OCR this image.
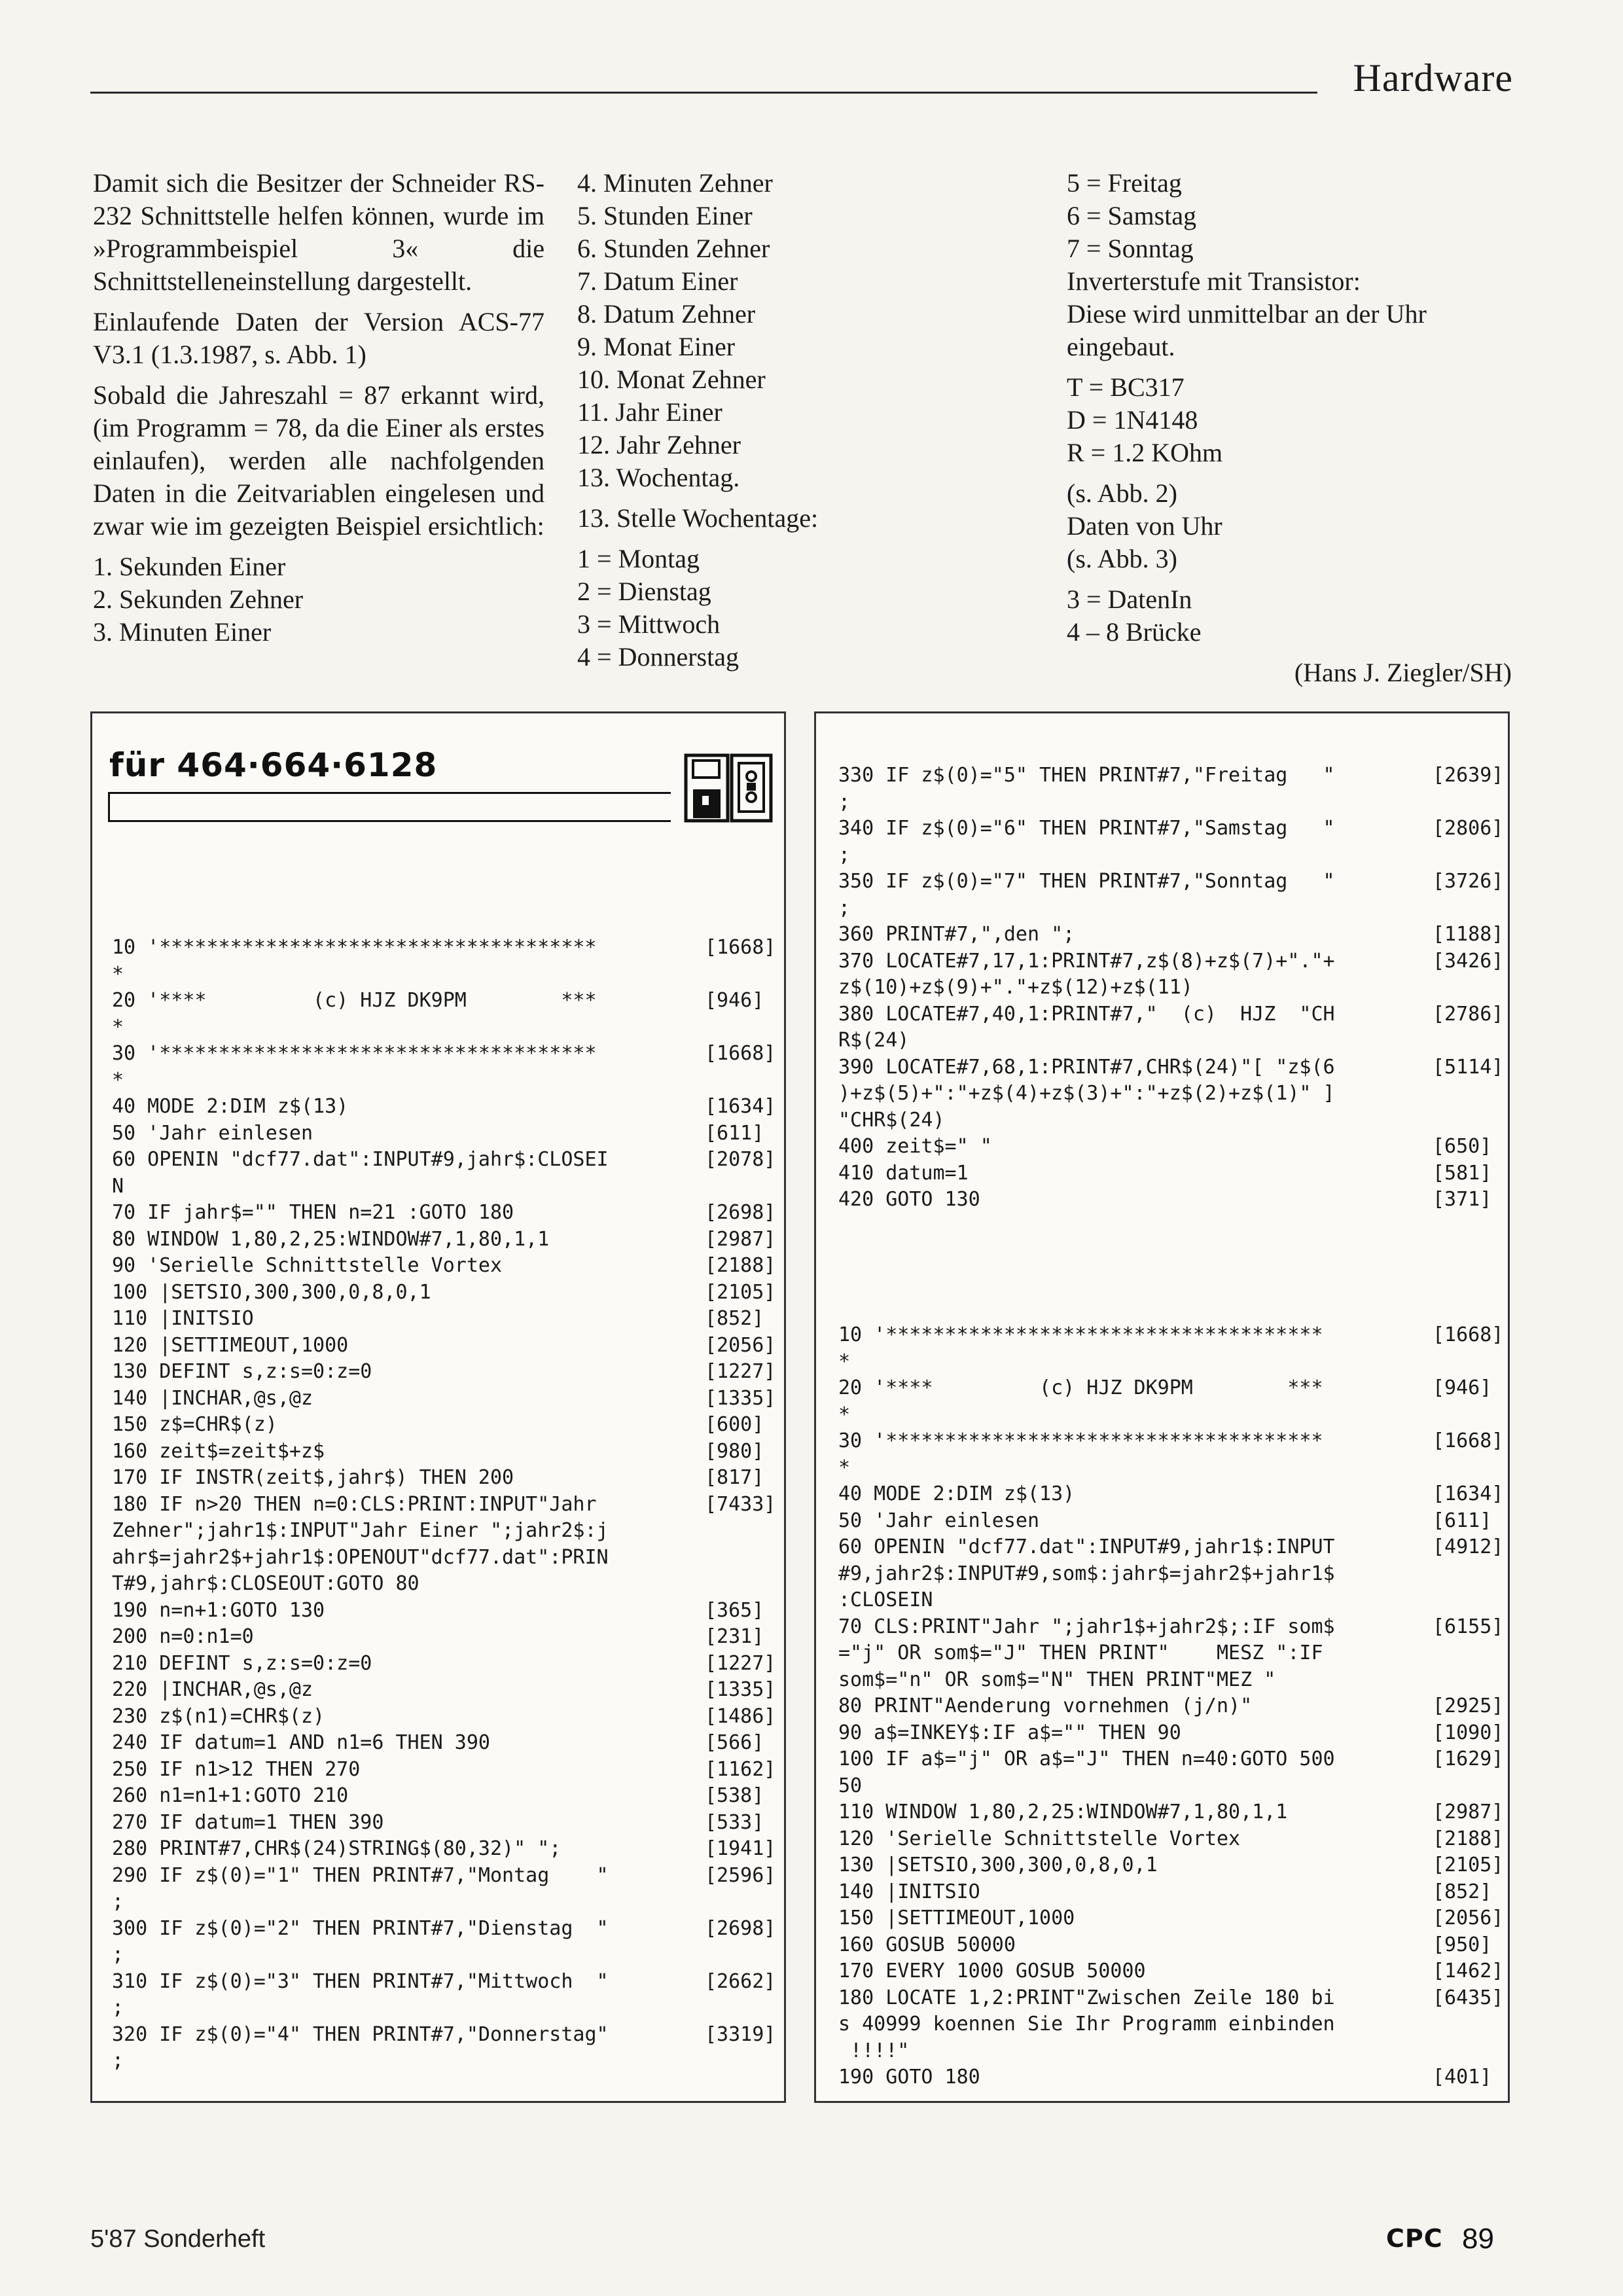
Hardware

Damit sich die Besitzer der Schneider RS-232 Schnittstelle helfen können, wurde im »Programmbeispiel 3« die Schnittstelleneinstellung dargestellt.

Einlaufende Daten der Version ACS-77 V3.1 (1.3.1987, s. Abb. 1)

Sobald die Jahreszahl = 87 erkannt wird, (im Programm = 78, da die Einer als erstes einlaufen), werden alle nachfolgenden Daten in die Zeitvariablen eingelesen und zwar wie im gezeigten Beispiel ersichtlich:

1. Sekunden Einer
2. Sekunden Zehner
3. Minuten Einer
4. Minuten Zehner
5. Stunden Einer
6. Stunden Zehner
7. Datum Einer
8. Datum Zehner
9. Monat Einer
10. Monat Zehner
11. Jahr Einer
12. Jahr Zehner

13. Wochentag.

13. Stelle Wochentage:

1 = Montag
2 = Dienstag
3 = Mittwoch
4 = Donnerstag
5 = Freitag
6 = Samstag
7 = Sonntag
Inverterstufe mit Transistor:

Diese wird unmittelbar an der Uhr eingebaut.

T = BC317
D = 1N4148

R = 1.2 KOhm

(s. Abb. 2)
Daten von Uhr

(s. Abb. 3)

3 = DatenIn
4 – 8 Brücke

(Hans J. Ziegler/SH)

für 464·664·6128
10 '*************************************	[1668]
*
20 '****         (c) HJZ DK9PM        ***	[946]
*
30 '*************************************	[1668]
*
40 MODE 2:DIM z$(13)	[1634]
50 'Jahr einlesen	[611]
60 OPENIN "dcf77.dat":INPUT#9,jahr$:CLOSEI	[2078]
N
70 IF jahr$="" THEN n=21 :GOTO 180	[2698]
80 WINDOW 1,80,2,25:WINDOW#7,1,80,1,1	[2987]
90 'Serielle Schnittstelle Vortex	[2188]
100 |SETSIO,300,300,0,8,0,1	[2105]
110 |INITSIO	[852]
120 |SETTIMEOUT,1000	[2056]
130 DEFINT s,z:s=0:z=0	[1227]
140 |INCHAR,@s,@z	[1335]
150 z$=CHR$(z)	[600]
160 zeit$=zeit$+z$	[980]
170 IF INSTR(zeit$,jahr$) THEN 200	[817]
180 IF n>20 THEN n=0:CLS:PRINT:INPUT"Jahr	[7433]
Zehner";jahr1$:INPUT"Jahr Einer ";jahr2$:j
ahr$=jahr2$+jahr1$:OPENOUT"dcf77.dat":PRIN
T#9,jahr$:CLOSEOUT:GOTO 80
190 n=n+1:GOTO 130	[365]
200 n=0:n1=0	[231]
210 DEFINT s,z:s=0:z=0	[1227]
220 |INCHAR,@s,@z	[1335]
230 z$(n1)=CHR$(z)	[1486]
240 IF datum=1 AND n1=6 THEN 390	[566]
250 IF n1>12 THEN 270	[1162]
260 n1=n1+1:GOTO 210	[538]
270 IF datum=1 THEN 390	[533]
280 PRINT#7,CHR$(24)STRING$(80,32)" ";	[1941]
290 IF z$(0)="1" THEN PRINT#7,"Montag    "	[2596]
;
300 IF z$(0)="2" THEN PRINT#7,"Dienstag  "	[2698]
;
310 IF z$(0)="3" THEN PRINT#7,"Mittwoch  "	[2662]
;
320 IF z$(0)="4" THEN PRINT#7,"Donnerstag"	[3319]
;
330 IF z$(0)="5" THEN PRINT#7,"Freitag   "	[2639]
;
340 IF z$(0)="6" THEN PRINT#7,"Samstag   "	[2806]
;
350 IF z$(0)="7" THEN PRINT#7,"Sonntag   "	[3726]
;
360 PRINT#7,",den ";	[1188]
370 LOCATE#7,17,1:PRINT#7,z$(8)+z$(7)+"."+	[3426]
z$(10)+z$(9)+"."+z$(12)+z$(11)
380 LOCATE#7,40,1:PRINT#7,"  (c)  HJZ  "CH	[2786]
R$(24)
390 LOCATE#7,68,1:PRINT#7,CHR$(24)"[ "z$(6	[5114]
)+z$(5)+":"+z$(4)+z$(3)+":"+z$(2)+z$(1)" ]
"CHR$(24)
400 zeit$=" "	[650]
410 datum=1	[581]
420 GOTO 130	[371]
10 '*************************************	[1668]
*
20 '****         (c) HJZ DK9PM        ***	[946]
*
30 '*************************************	[1668]
*
40 MODE 2:DIM z$(13)	[1634]
50 'Jahr einlesen	[611]
60 OPENIN "dcf77.dat":INPUT#9,jahr1$:INPUT	[4912]
#9,jahr2$:INPUT#9,som$:jahr$=jahr2$+jahr1$
:CLOSEIN
70 CLS:PRINT"Jahr ";jahr1$+jahr2$;:IF som$	[6155]
="j" OR som$="J" THEN PRINT"    MESZ ":IF
som$="n" OR som$="N" THEN PRINT"MEZ "
80 PRINT"Aenderung vornehmen (j/n)"	[2925]
90 a$=INKEY$:IF a$="" THEN 90	[1090]
100 IF a$="j" OR a$="J" THEN n=40:GOTO 500	[1629]
50
110 WINDOW 1,80,2,25:WINDOW#7,1,80,1,1	[2987]
120 'Serielle Schnittstelle Vortex	[2188]
130 |SETSIO,300,300,0,8,0,1	[2105]
140 |INITSIO	[852]
150 |SETTIMEOUT,1000	[2056]
160 GOSUB 50000	[950]
170 EVERY 1000 GOSUB 50000	[1462]
180 LOCATE 1,2:PRINT"Zwischen Zeile 180 bi	[6435]
s 40999 koennen Sie Ihr Programm einbinden
!!!!"
190 GOTO 180	[401]
5'87 Sonderheft	CPC 89
